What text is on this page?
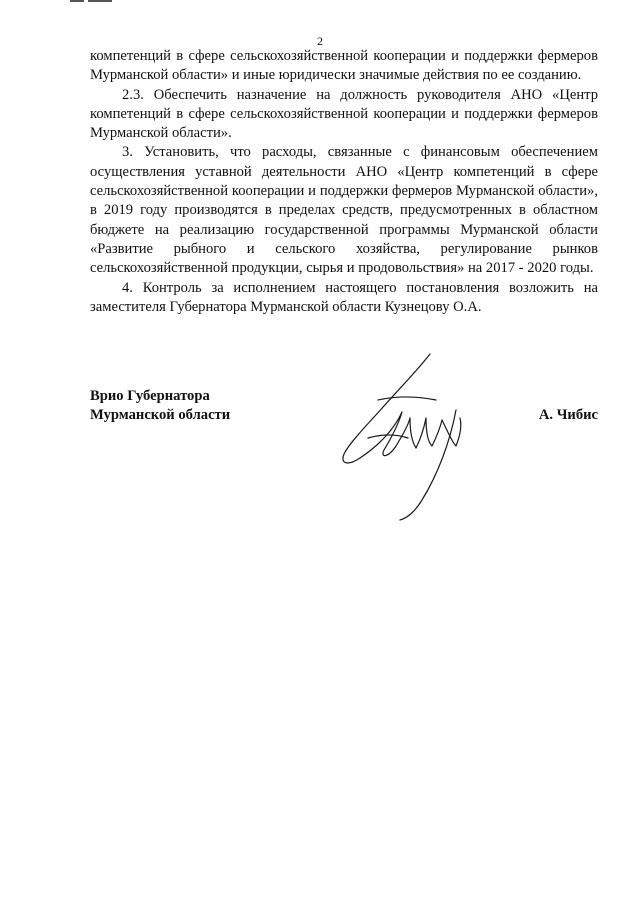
2

компетенций в сфере сельскохозяйственной кооперации и поддержки фермеров Мурманской области» и иные юридически значимые действия по ее созданию.

2.3. Обеспечить назначение на должность руководителя АНО «Центр компетенций в сфере сельскохозяйственной кооперации и поддержки фермеров Мурманской области».

3. Установить, что расходы, связанные с финансовым обеспечением осуществления уставной деятельности АНО «Центр компетенций в сфере сельскохозяйственной кооперации и поддержки фермеров Мурманской области», в 2019 году производятся в пределах средств, предусмотренных в областном бюджете на реализацию государственной программы Мурманской области «Развитие рыбного и сельского хозяйства, регулирование рынков сельскохозяйственной продукции, сырья и продовольствия» на 2017 - 2020 годы.

4. Контроль за исполнением настоящего постановления возложить на заместителя Губернатора Мурманской области Кузнецову О.А.

Врио Губернатора
Мурманской области	А. Чибис
